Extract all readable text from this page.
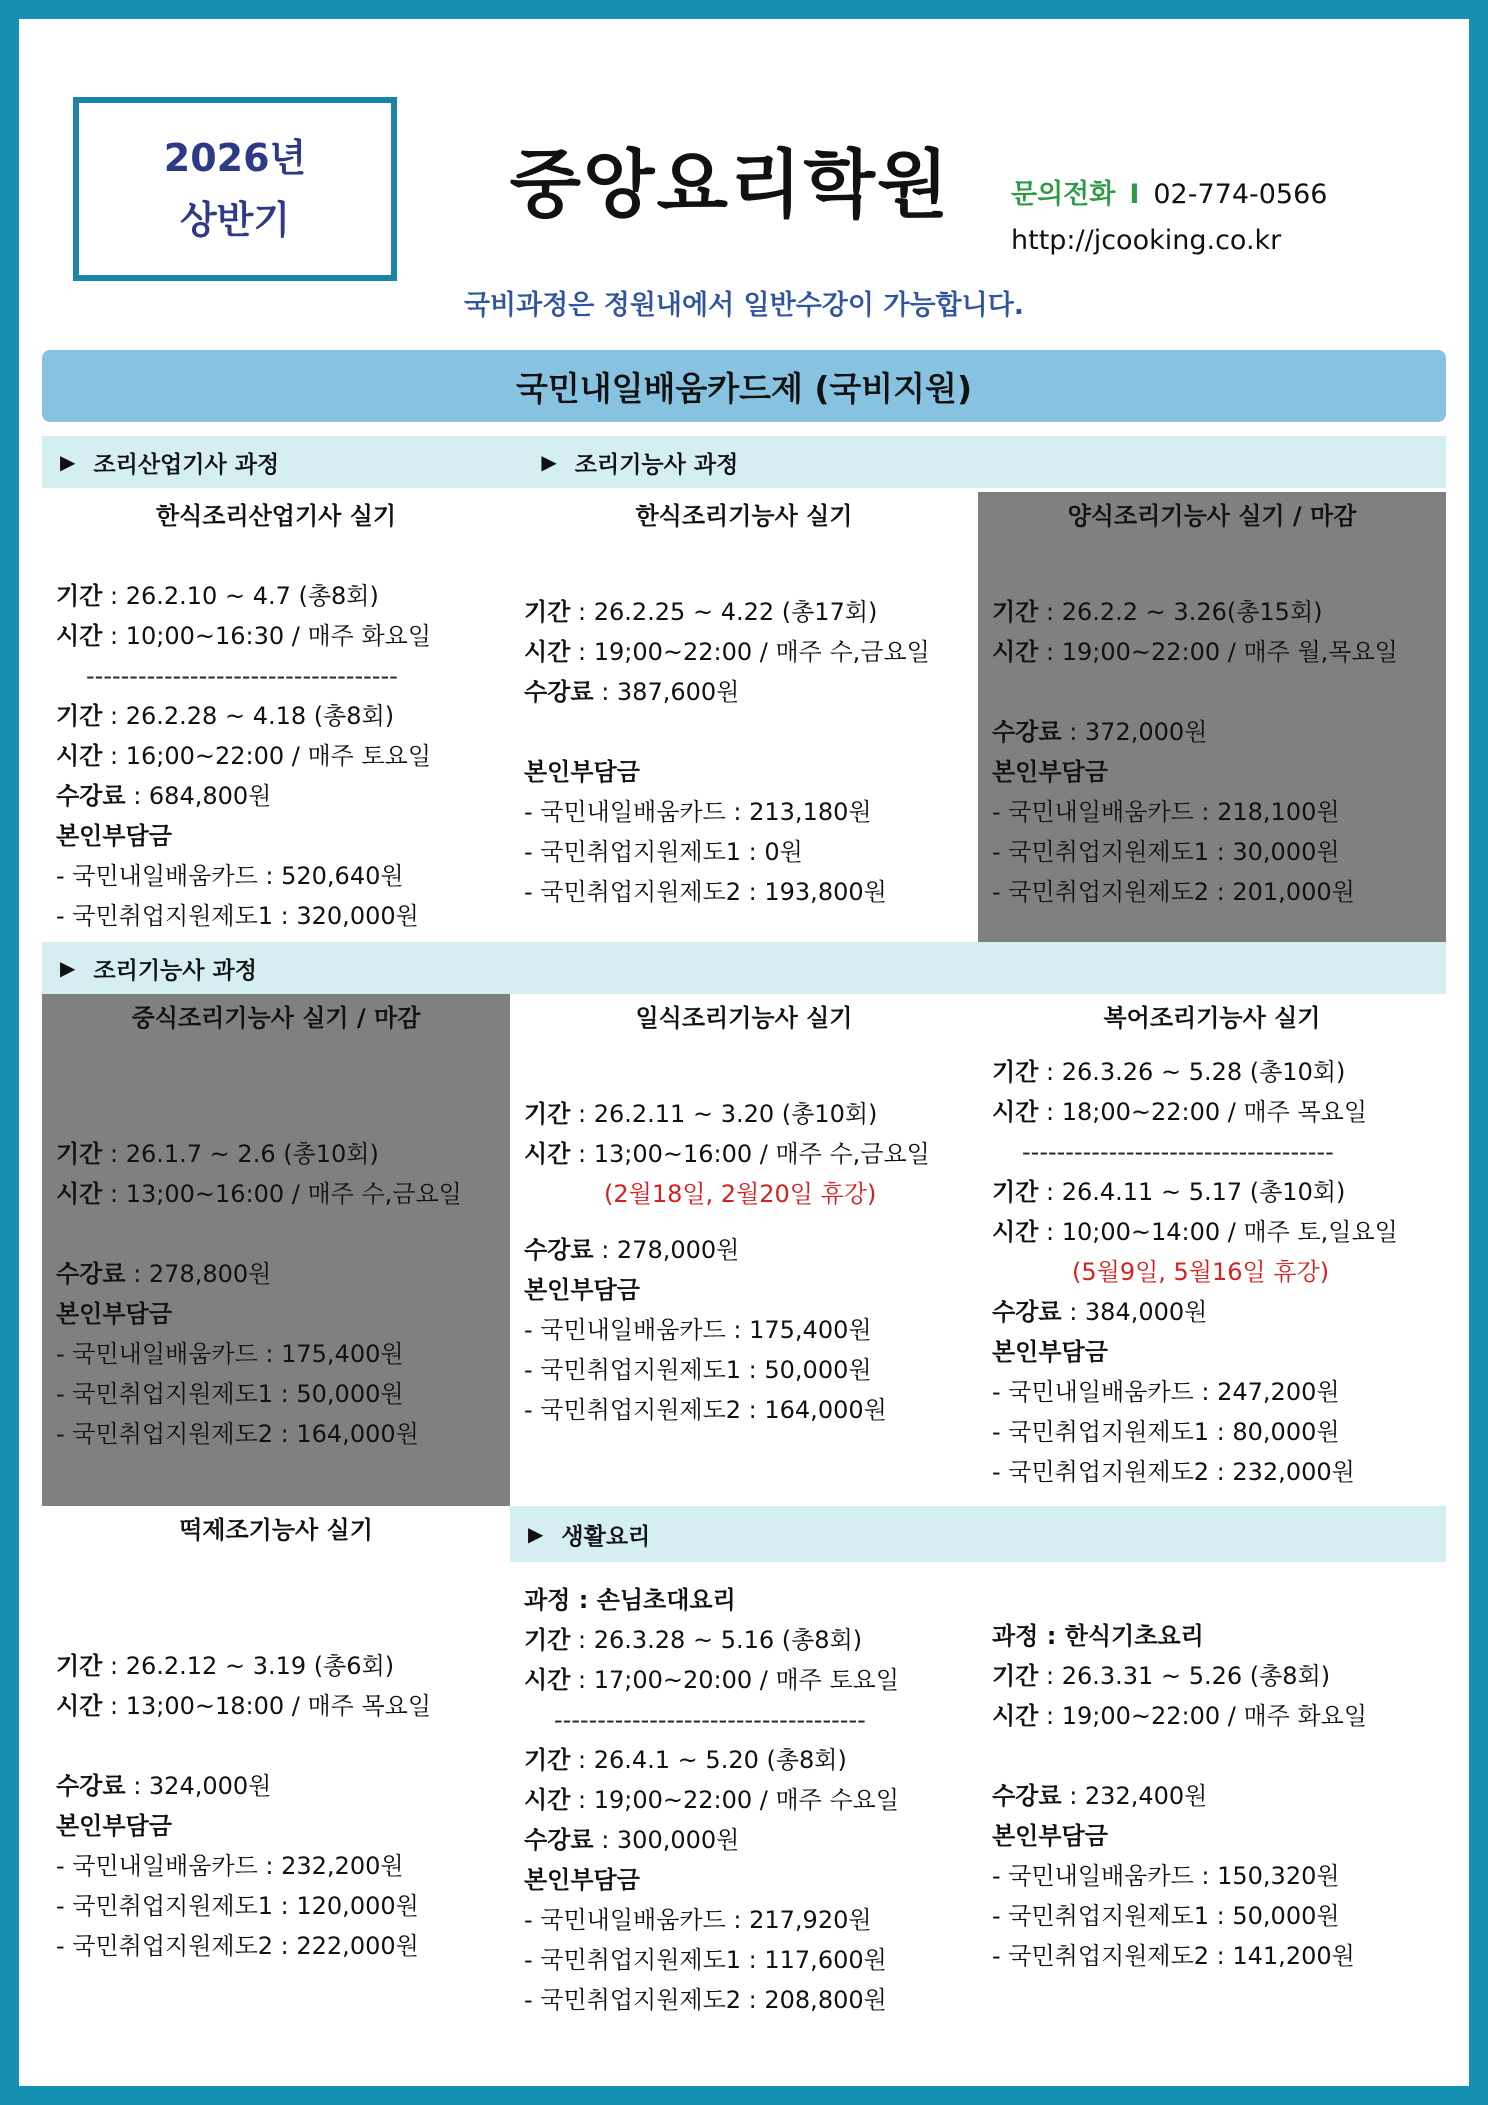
2026년
상반기	중앙요리학원	문의전화 I 02-774-0566
http://jcooking.co.kr
국비과정은 정원내에서 일반수강이 가능합니다.
국민내일배움카드제 (국비지원)
▶ 조리산업기사 과정	▶ 조리기능사 과정
한식조리산업기사 실기
기간 : 26.2.10 ~ 4.7 (총8회)
시간 : 10;00~16:30 / 매주 화요일
------------------------------------
기간 : 26.2.28 ~ 4.18 (총8회)
시간 : 16;00~22:00 / 매주 토요일
수강료 : 684,800원
본인부담금
- 국민내일배움카드 : 520,640원
- 국민취업지원제도1 : 320,000원
한식조리기능사 실기
기간 : 26.2.25 ~ 4.22 (총17회)
시간 : 19;00~22:00 / 매주 수,금요일
수강료 : 387,600원
본인부담금
- 국민내일배움카드 : 213,180원
- 국민취업지원제도1 : 0원
- 국민취업지원제도2 : 193,800원
양식조리기능사 실기 / 마감
기간 : 26.2.2 ~ 3.26(총15회)
시간 : 19;00~22:00 / 매주 월,목요일
수강료 : 372,000원
본인부담금
- 국민내일배움카드 : 218,100원
- 국민취업지원제도1 : 30,000원
- 국민취업지원제도2 : 201,000원
▶ 조리기능사 과정
중식조리기능사 실기 / 마감
기간 : 26.1.7 ~ 2.6 (총10회)
시간 : 13;00~16:00 / 매주 수,금요일
수강료 : 278,800원
본인부담금
- 국민내일배움카드 : 175,400원
- 국민취업지원제도1 : 50,000원
- 국민취업지원제도2 : 164,000원
일식조리기능사 실기
기간 : 26.2.11 ~ 3.20 (총10회)
시간 : 13;00~16:00 / 매주 수,금요일
(2월18일, 2월20일 휴강)
수강료 : 278,000원
본인부담금
- 국민내일배움카드 : 175,400원
- 국민취업지원제도1 : 50,000원
- 국민취업지원제도2 : 164,000원
복어조리기능사 실기
기간 : 26.3.26 ~ 5.28 (총10회)
시간 : 18;00~22:00 / 매주 목요일
------------------------------------
기간 : 26.4.11 ~ 5.17 (총10회)
시간 : 10;00~14:00 / 매주 토,일요일
(5월9일, 5월16일 휴강)
수강료 : 384,000원
본인부담금
- 국민내일배움카드 : 247,200원
- 국민취업지원제도1 : 80,000원
- 국민취업지원제도2 : 232,000원
떡제조기능사 실기
기간 : 26.2.12 ~ 3.19 (총6회)
시간 : 13;00~18:00 / 매주 목요일
수강료 : 324,000원
본인부담금
- 국민내일배움카드 : 232,200원
- 국민취업지원제도1 : 120,000원
- 국민취업지원제도2 : 222,000원
▶ 생활요리
과정 : 손님초대요리
기간 : 26.3.28 ~ 5.16 (총8회)
시간 : 17;00~20:00 / 매주 토요일
------------------------------------
기간 : 26.4.1 ~ 5.20 (총8회)
시간 : 19;00~22:00 / 매주 수요일
수강료 : 300,000원
본인부담금
- 국민내일배움카드 : 217,920원
- 국민취업지원제도1 : 117,600원
- 국민취업지원제도2 : 208,800원
과정 : 한식기초요리
기간 : 26.3.31 ~ 5.26 (총8회)
시간 : 19;00~22:00 / 매주 화요일
수강료 : 232,400원
본인부담금
- 국민내일배움카드 : 150,320원
- 국민취업지원제도1 : 50,000원
- 국민취업지원제도2 : 141,200원
